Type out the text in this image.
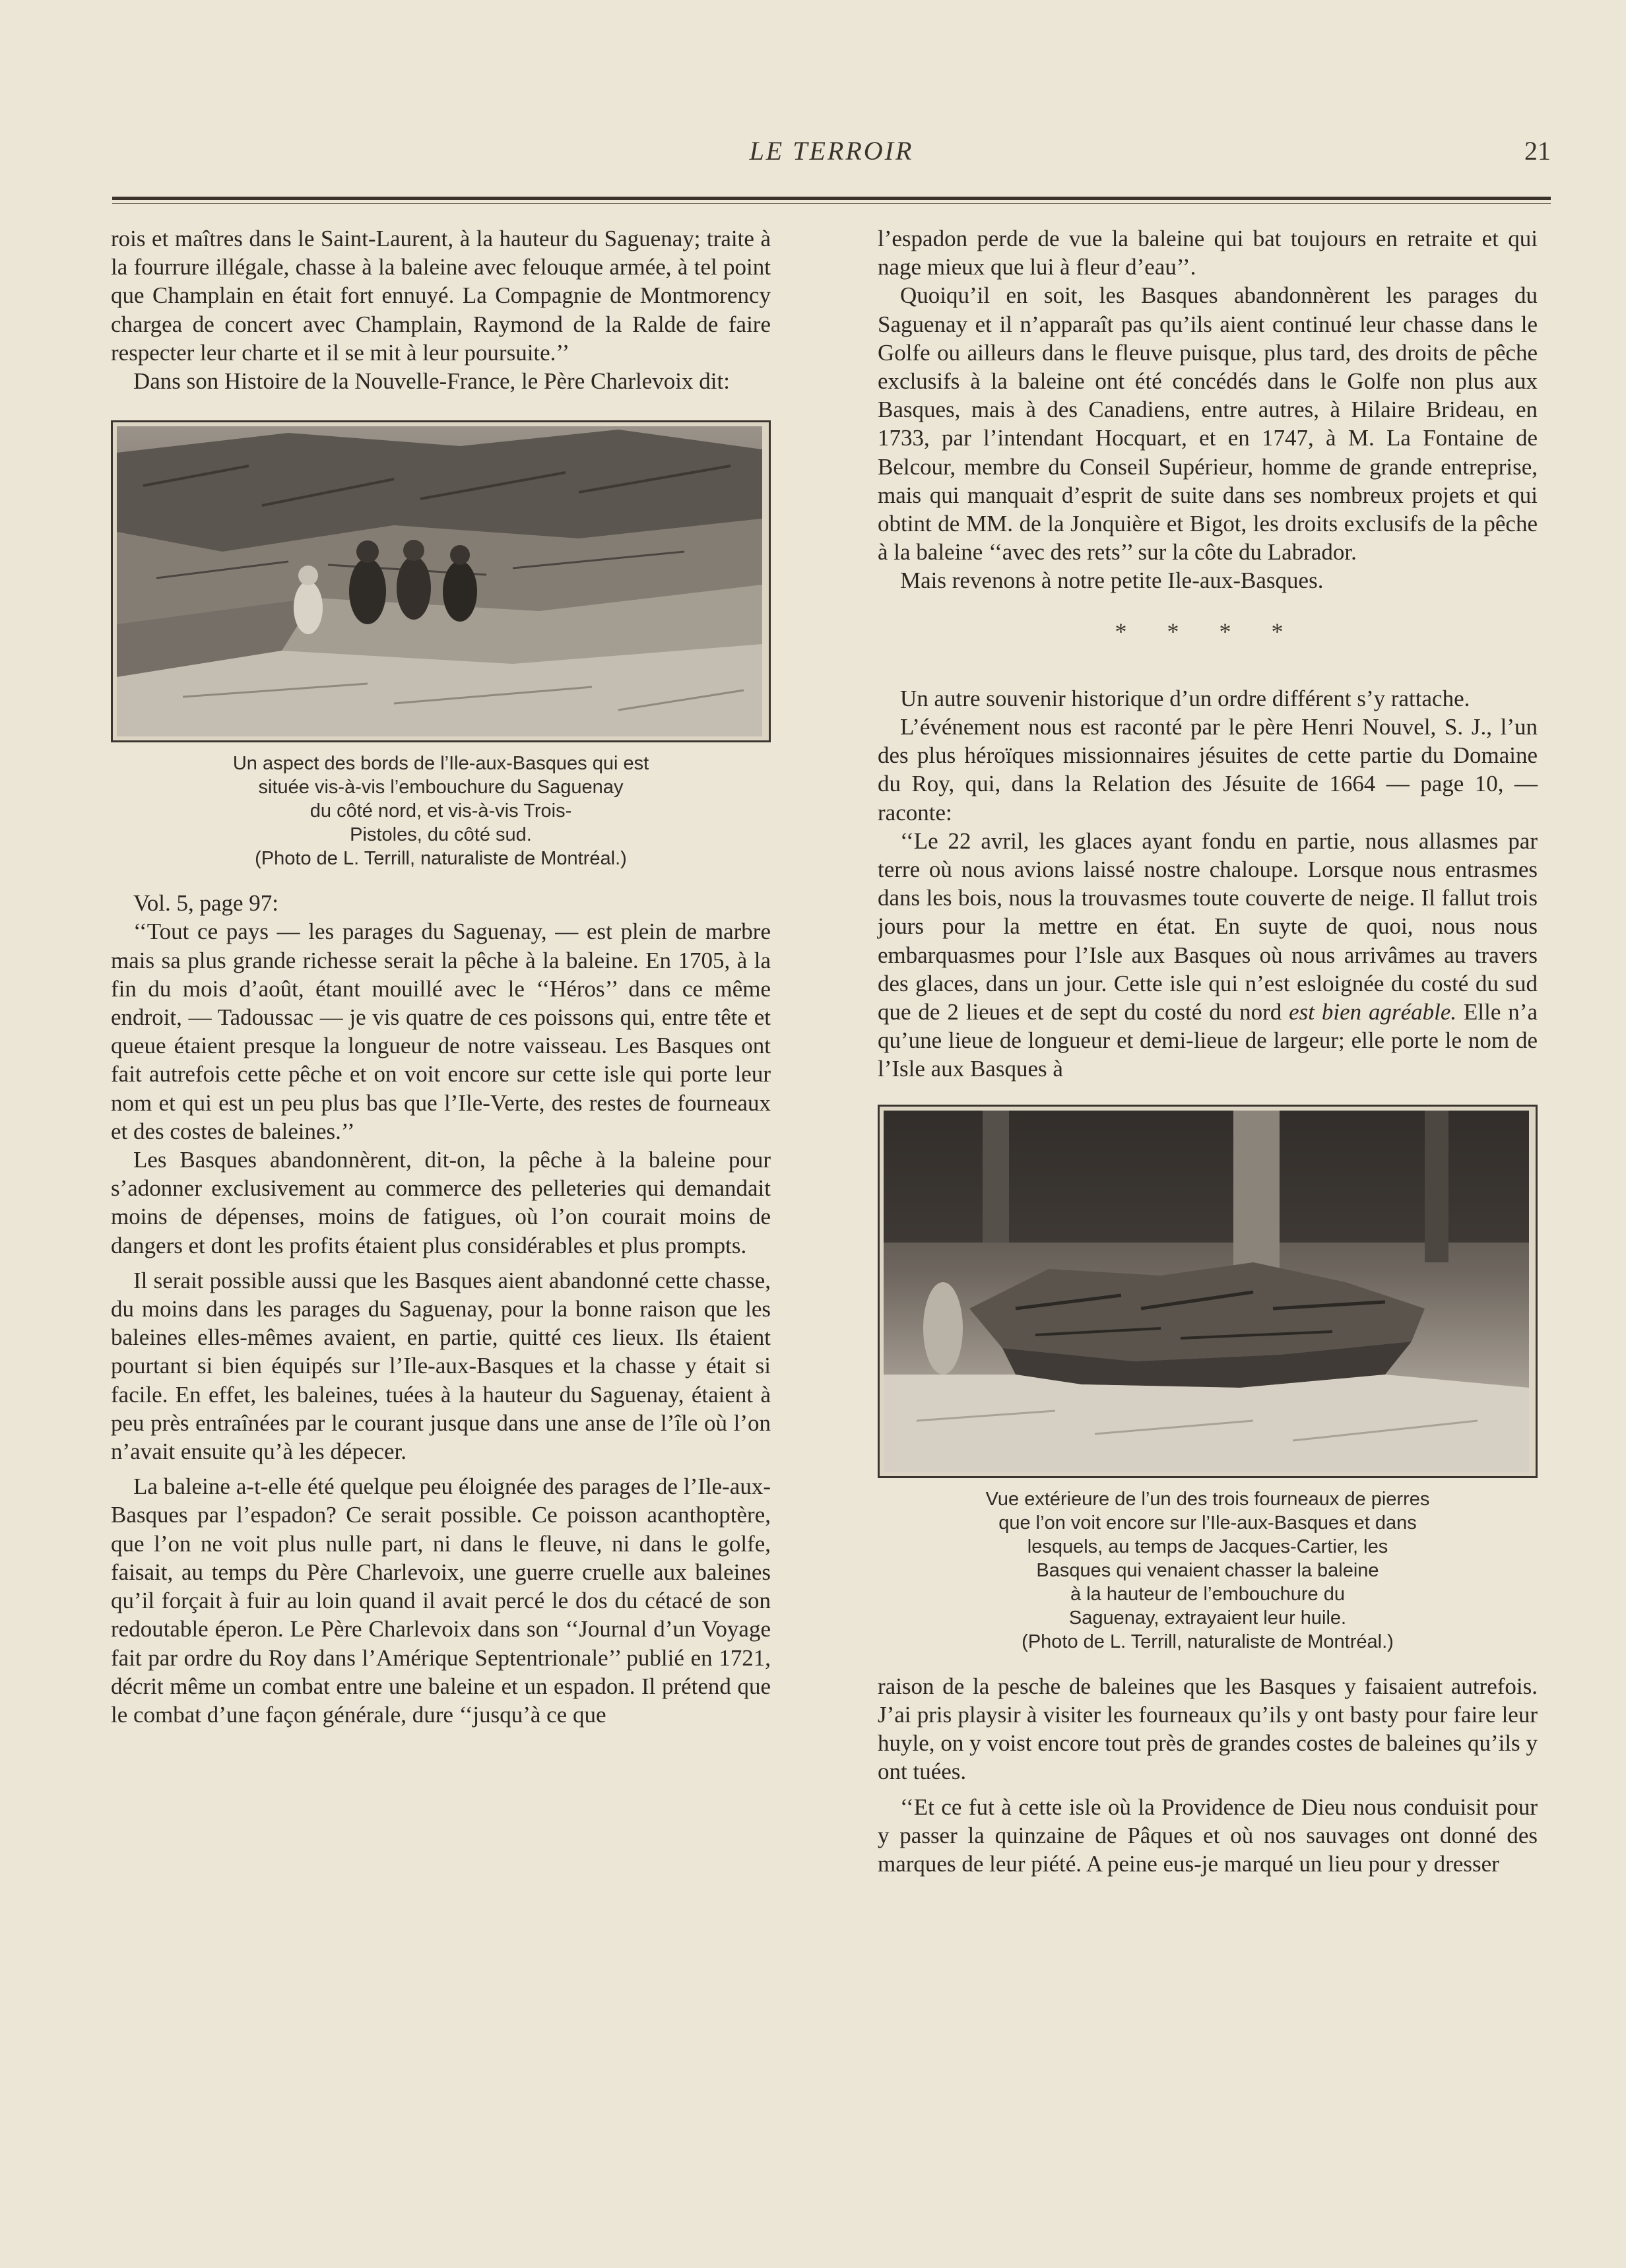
LE TERROIR	21

rois et maîtres dans le Saint-Laurent, à la hauteur du Saguenay; traite à la fourrure illégale, chasse à la baleine avec felouque armée, à tel point que Champlain en était fort ennuyé. La Compagnie de Montmorency chargea de concert avec Champlain, Raymond de la Ralde de faire respecter leur charte et il se mit à leur poursuite.’’

Dans son Histoire de la Nouvelle-France, le Père Charlevoix dit:

Un aspect des bords de l’Ile-aux-Basques qui est
située vis-à-vis l’embouchure du Saguenay
du côté nord, et vis-à-vis Trois-
Pistoles, du côté sud.
(Photo de L. Terrill, naturaliste de Montréal.)

Vol. 5, page 97:

‘‘Tout ce pays — les parages du Saguenay, — est plein de marbre mais sa plus grande richesse serait la pêche à la baleine. En 1705, à la fin du mois d’août, étant mouillé avec le ‘‘Héros’’ dans ce même endroit, — Tadoussac — je vis quatre de ces poissons qui, entre tête et queue étaient presque la longueur de notre vaisseau. Les Basques ont fait autrefois cette pêche et on voit encore sur cette isle qui porte leur nom et qui est un peu plus bas que l’Ile-Verte, des restes de fourneaux et des costes de baleines.’’

Les Basques abandonnèrent, dit-on, la pêche à la baleine pour s’adonner exclusivement au commerce des pelleteries qui demandait moins de dépenses, moins de fatigues, où l’on courait moins de dangers et dont les profits étaient plus considérables et plus prompts.

Il serait possible aussi que les Basques aient abandonné cette chasse, du moins dans les parages du Saguenay, pour la bonne raison que les baleines elles-mêmes avaient, en partie, quitté ces lieux. Ils étaient pourtant si bien équipés sur l’Ile-aux-Basques et la chasse y était si facile. En effet, les baleines, tuées à la hauteur du Saguenay, étaient à peu près entraînées par le courant jusque dans une anse de l’île où l’on n’avait ensuite qu’à les dépecer.

La baleine a-t-elle été quelque peu éloignée des parages de l’Ile-aux-Basques par l’espadon? Ce serait possible. Ce poisson acanthoptère, que l’on ne voit plus nulle part, ni dans le fleuve, ni dans le golfe, faisait, au temps du Père Charlevoix, une guerre cruelle aux baleines qu’il forçait à fuir au loin quand il avait percé le dos du cétacé de son redoutable éperon. Le Père Charlevoix dans son ‘‘Journal d’un Voyage fait par ordre du Roy dans l’Amérique Septentrionale’’ publié en 1721, décrit même un combat entre une baleine et un espadon. Il prétend que le combat d’une façon générale, dure ‘‘jusqu’à ce que

l’espadon perde de vue la baleine qui bat toujours en retraite et qui nage mieux que lui à fleur d’eau’’.

Quoiqu’il en soit, les Basques abandonnèrent les parages du Saguenay et il n’apparaît pas qu’ils aient continué leur chasse dans le Golfe ou ailleurs dans le fleuve puisque, plus tard, des droits de pêche exclusifs à la baleine ont été concédés dans le Golfe non plus aux Basques, mais à des Canadiens, entre autres, à Hilaire Brideau, en 1733, par l’intendant Hocquart, et en 1747, à M. La Fontaine de Belcour, membre du Conseil Supérieur, homme de grande entreprise, mais qui manquait d’esprit de suite dans ses nombreux projets et qui obtint de MM. de la Jonquière et Bigot, les droits exclusifs de la pêche à la baleine ‘‘avec des rets’’ sur la côte du Labrador.

Mais revenons à notre petite Ile-aux-Basques.

* * * *

Un autre souvenir historique d’un ordre différent s’y rattache.

L’événement nous est raconté par le père Henri Nouvel, S. J., l’un des plus héroïques missionnaires jésuites de cette partie du Domaine du Roy, qui, dans la Relation des Jésuite de 1664 — page 10, — raconte:

‘‘Le 22 avril, les glaces ayant fondu en partie, nous allasmes par terre où nous avions laissé nostre chaloupe. Lorsque nous entrasmes dans les bois, nous la trouvasmes toute couverte de neige. Il fallut trois jours pour la mettre en état. En suyte de quoi, nous nous embarquasmes pour l’Isle aux Basques où nous arrivâmes au travers des glaces, dans un jour. Cette isle qui n’est esloignée du costé du sud que de 2 lieues et de sept du costé du nord est bien agréable. Elle n’a qu’une lieue de longueur et demi-lieue de largeur; elle porte le nom de l’Isle aux Basques à

Vue extérieure de l’un des trois fourneaux de pierres
que l’on voit encore sur l’Ile-aux-Basques et dans
lesquels, au temps de Jacques-Cartier, les
Basques qui venaient chasser la baleine
à la hauteur de l’embouchure du
Saguenay, extrayaient leur huile.
(Photo de L. Terrill, naturaliste de Montréal.)

raison de la pesche de baleines que les Basques y faisaient autrefois. J’ai pris playsir à visiter les fourneaux qu’ils y ont basty pour faire leur huyle, on y voist encore tout près de grandes costes de baleines qu’ils y ont tuées.

‘‘Et ce fut à cette isle où la Providence de Dieu nous conduisit pour y passer la quinzaine de Pâques et où nos sauvages ont donné des marques de leur piété. A peine eus-je marqué un lieu pour y dresser
